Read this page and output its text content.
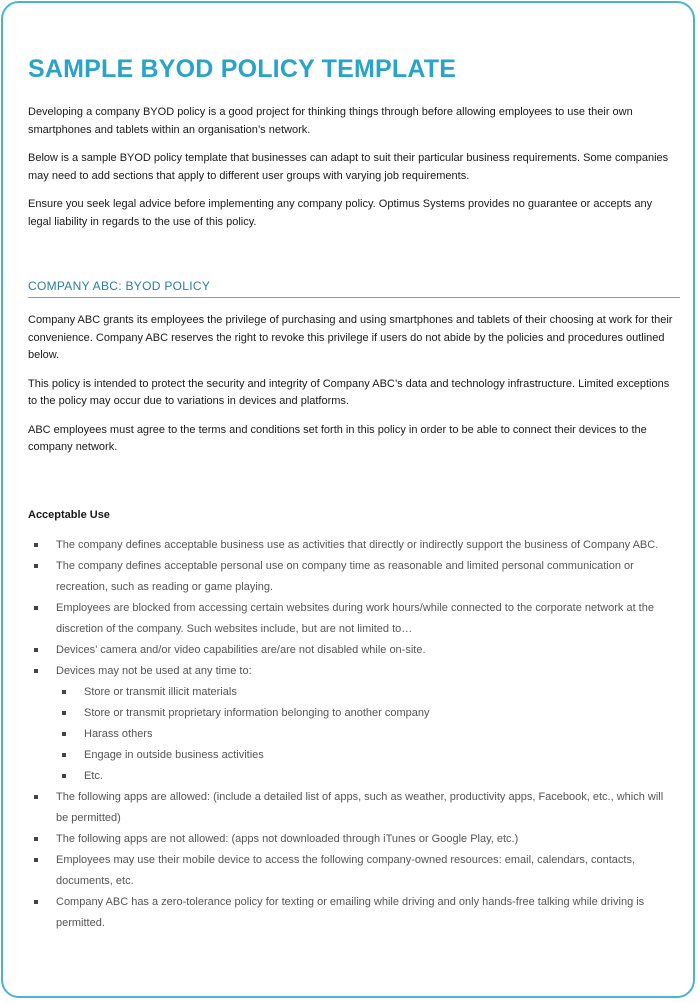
SAMPLE BYOD POLICY TEMPLATE

Developing a company BYOD policy is a good project for thinking things through before allowing employees to use their own smartphones and tablets within an organisation’s network.

Below is a sample BYOD policy template that businesses can adapt to suit their particular business requirements. Some companies may need to add sections that apply to different user groups with varying job requirements.

Ensure you seek legal advice before implementing any company policy. Optimus Systems provides no guarantee or accepts any legal liability in regards to the use of this policy.

COMPANY ABC: BYOD POLICY

Company ABC grants its employees the privilege of purchasing and using smartphones and tablets of their choosing at work for their convenience. Company ABC reserves the right to revoke this privilege if users do not abide by the policies and procedures outlined below.

This policy is intended to protect the security and integrity of Company ABC’s data and technology infrastructure. Limited exceptions to the policy may occur due to variations in devices and platforms.

ABC employees must agree to the terms and conditions set forth in this policy in order to be able to connect their devices to the company network.

Acceptable Use
The company defines acceptable business use as activities that directly or indirectly support the business of Company ABC.
The company defines acceptable personal use on company time as reasonable and limited personal communication or recreation, such as reading or game playing.
Employees are blocked from accessing certain websites during work hours/while connected to the corporate network at the discretion of the company. Such websites include, but are not limited to…
Devices’ camera and/or video capabilities are/are not disabled while on-site.
Devices may not be used at any time to:
Store or transmit illicit materials
Store or transmit proprietary information belonging to another company
Harass others
Engage in outside business activities
Etc.
The following apps are allowed: (include a detailed list of apps, such as weather, productivity apps, Facebook, etc., which will be permitted)
The following apps are not allowed: (apps not downloaded through iTunes or Google Play, etc.)
Employees may use their mobile device to access the following company-owned resources: email, calendars, contacts, documents, etc.
Company ABC has a zero-tolerance policy for texting or emailing while driving and only hands-free talking while driving is permitted.
